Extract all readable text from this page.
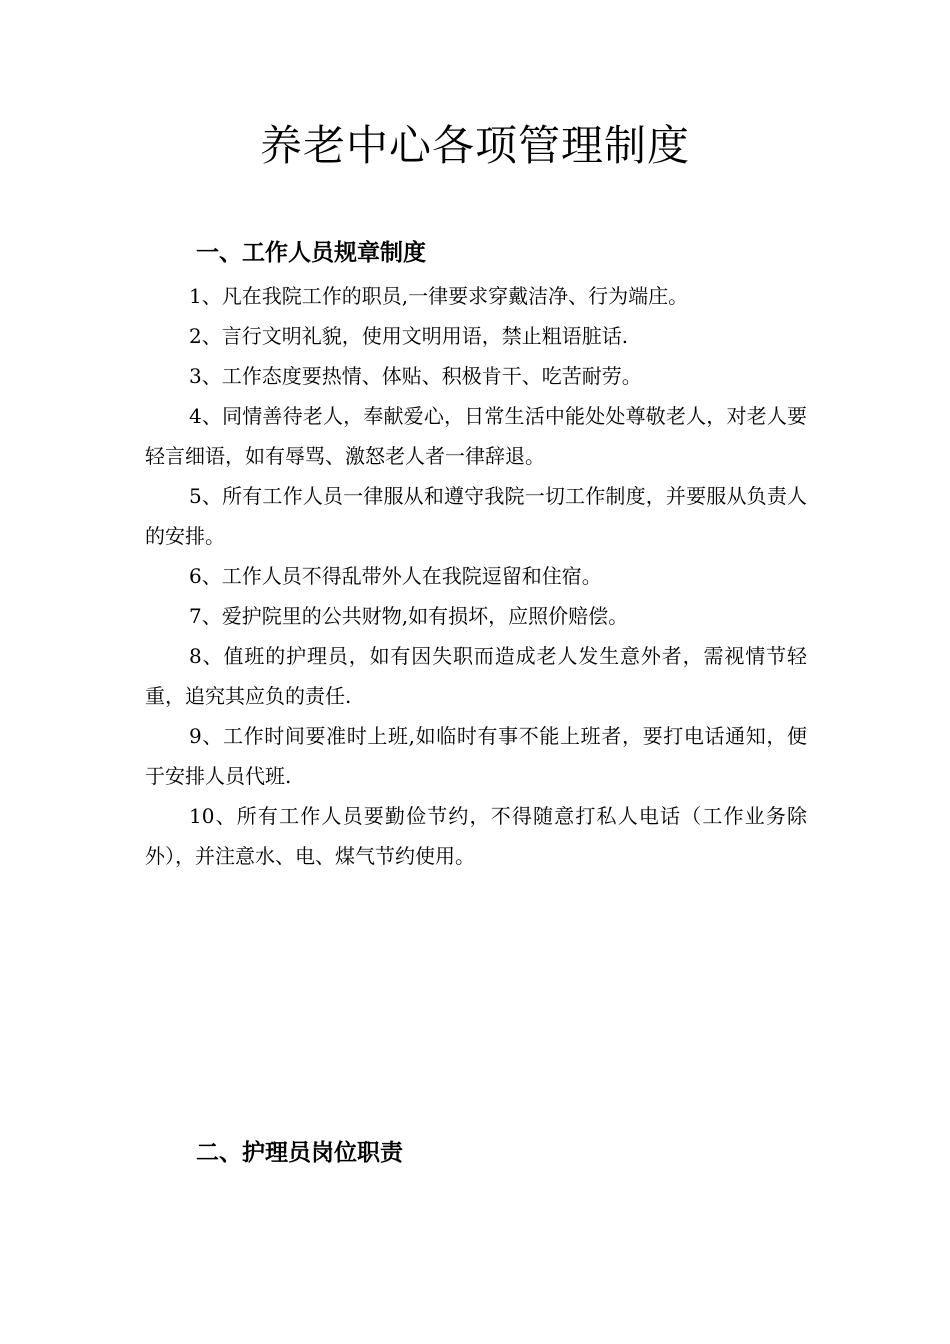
养老中心各项管理制度
一、工作人员规章制度
1、凡在我院工作的职员,一律要求穿戴洁净、行为端庄。
2、言行文明礼貌，使用文明用语，禁止粗语脏话.
3、工作态度要热情、体贴、积极肯干、吃苦耐劳。
4、同情善待老人，奉献爱心，日常生活中能处处尊敬老人，对老人要轻言细语，如有辱骂、激怒老人者一律辞退。
5、所有工作人员一律服从和遵守我院一切工作制度，并要服从负责人的安排。
6、工作人员不得乱带外人在我院逗留和住宿。
7、爱护院里的公共财物,如有损坏，应照价赔偿。
8、值班的护理员，如有因失职而造成老人发生意外者，需视情节轻重，追究其应负的责任.
9、工作时间要准时上班,如临时有事不能上班者，要打电话通知，便于安排人员代班.
10、所有工作人员要勤俭节约，不得随意打私人电话（工作业务除外），并注意水、电、煤气节约使用。
二、护理员岗位职责
